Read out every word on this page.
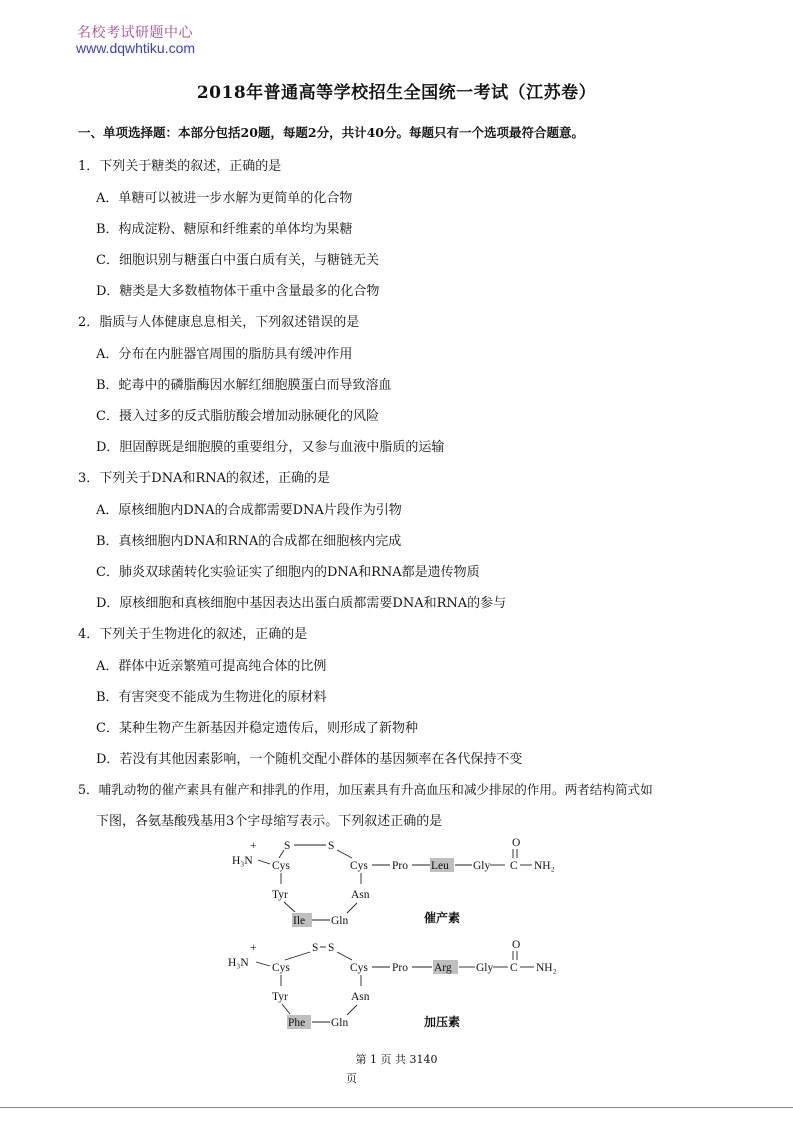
名校考试研题中心
www.dqwhtiku.com
2018年普通高等学校招生全国统一考试（江苏卷）
一、单项选择题：本部分包括20题，每题2分，共计40分。每题只有一个选项最符合题意。
1．下列关于糖类的叙述，正确的是
A．单糖可以被进一步水解为更简单的化合物
B．构成淀粉、糖原和纤维素的单体均为果糖
C．细胞识别与糖蛋白中蛋白质有关，与糖链无关
D．糖类是大多数植物体干重中含量最多的化合物
2．脂质与人体健康息息相关，下列叙述错误的是
A．分布在内脏器官周围的脂肪具有缓冲作用
B．蛇毒中的磷脂酶因水解红细胞膜蛋白而导致溶血
C．摄入过多的反式脂肪酸会增加动脉硬化的风险
D．胆固醇既是细胞膜的重要组分，又参与血液中脂质的运输
3．下列关于DNA和RNA的叙述，正确的是
A．原核细胞内DNA的合成都需要DNA片段作为引物
B．真核细胞内DNA和RNA的合成都在细胞核内完成
C．肺炎双球菌转化实验证实了细胞内的DNA和RNA都是遗传物质
D．原核细胞和真核细胞中基因表达出蛋白质都需要DNA和RNA的参与
4．下列关于生物进化的叙述，正确的是
A．群体中近亲繁殖可提高纯合体的比例
B．有害突变不能成为生物进化的原材料
C．某种生物产生新基因并稳定遗传后，则形成了新物种
D．若没有其他因素影响，一个随机交配小群体的基因频率在各代保持不变
5．哺乳动物的催产素具有催产和排乳的作用，加压素具有升高血压和减少排尿的作用。两者结构简式如
下图，各氨基酸残基用3个字母缩写表示。下列叙述正确的是
+
H₃N
S	S
Cys
Tyr
Ile Gln
Asn
Cys Pro Leu Gly
O
C NH₂
催产素
+
H₃N
S S
Cys
Tyr
Phe Gln
Asn
Cys Pro Arg Gly
O
C NH₂
加压素
第 1 页 共 3140
页
